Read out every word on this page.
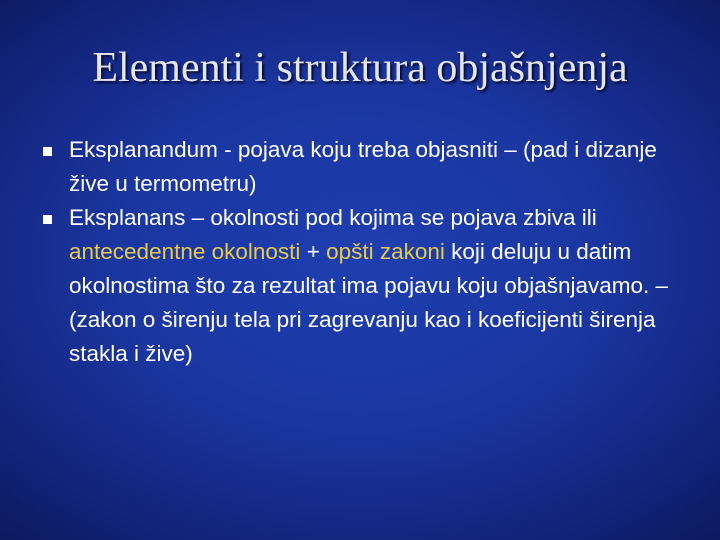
Elementi i struktura objašnjenja
Eksplanandum - pojava koju treba objasniti – (pad i dizanje žive u termometru)
Eksplanans – okolnosti pod kojima se pojava zbiva ili antecedentne okolnosti + opšti zakoni koji deluju u datim okolnostima što za rezultat ima pojavu koju objašnjavamo. – (zakon o širenju tela pri zagrevanju kao i koeficijenti širenja stakla i žive)
